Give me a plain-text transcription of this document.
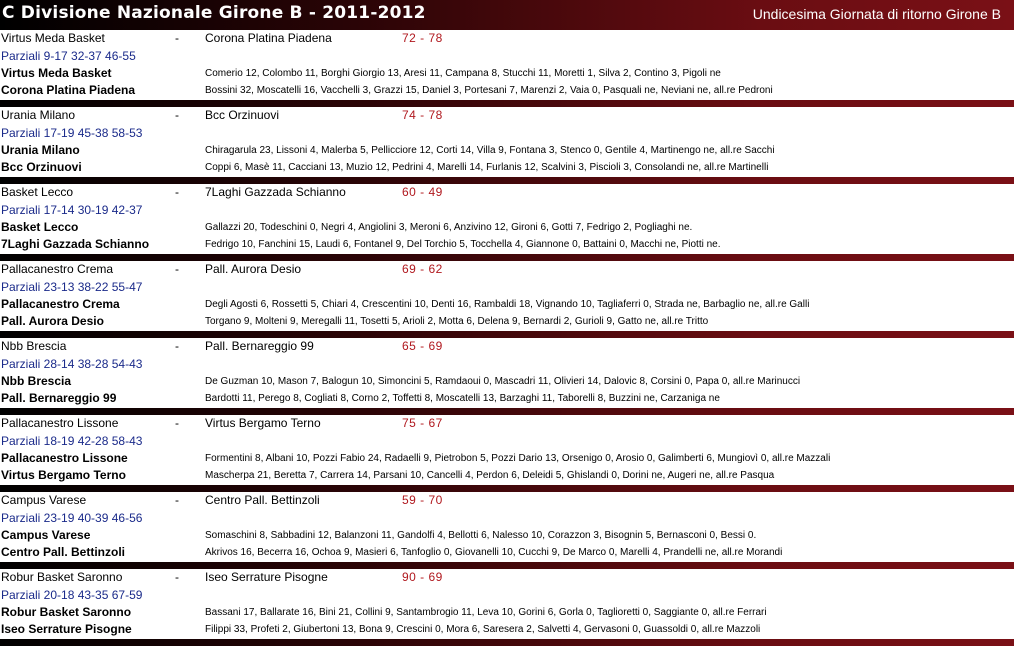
C Divisione Nazionale Girone B - 2011-2012	Undicesima Giornata di ritorno Girone B
Virtus Meda Basket	- Corona Platina Piadena	72 - 78
Parziali 9-17 32-37 46-55
Virtus Meda Basket	Comerio 12, Colombo 11, Borghi Giorgio 13, Aresi 11, Campana 8, Stucchi 11, Moretti 1, Silva 2, Contino 3, Pigoli ne
Corona Platina Piadena	Bossini 32, Moscatelli 16, Vacchelli 3, Grazzi 15, Daniel 3, Portesani 7, Marenzi 2, Vaia 0, Pasquali ne, Neviani ne, all.re Pedroni
Urania Milano	- Bcc Orzinuovi	74 - 78
Parziali 17-19 45-38 58-53
Urania Milano	Chiragarula 23, Lissoni 4, Malerba 5, Pellicciore 12, Corti 14, Villa 9, Fontana 3, Stenco 0, Gentile 4, Martinengo ne, all.re Sacchi
Bcc Orzinuovi	Coppi 6, Masè 11, Cacciani 13, Muzio 12, Pedrini 4, Marelli 14, Furlanis 12, Scalvini 3, Piscioli 3, Consolandi ne, all.re Martinelli
Basket Lecco	- 7Laghi Gazzada Schianno	60 - 49
Parziali 17-14 30-19 42-37
Basket Lecco	Gallazzi 20, Todeschini 0, Negri 4, Angiolini 3, Meroni 6, Anzivino 12, Gironi 6, Gotti 7, Fedrigo 2, Pogliaghi ne.
7Laghi Gazzada Schianno	Fedrigo 10, Fanchini 15, Laudi 6, Fontanel 9, Del Torchio 5, Tocchella 4, Giannone 0, Battaini 0, Macchi ne, Piotti ne.
Pallacanestro Crema	- Pall. Aurora Desio	69 - 62
Parziali 23-13 38-22 55-47
Pallacanestro Crema	Degli Agosti 6, Rossetti 5, Chiari 4, Crescentini 10, Denti 16, Rambaldi 18, Vignando 10, Tagliaferri 0, Strada ne, Barbaglio ne, all.re Galli
Pall. Aurora Desio	Torgano 9, Molteni 9, Meregalli 11, Tosetti 5, Arioli 2, Motta 6, Delena 9, Bernardi 2, Gurioli 9, Gatto ne, all.re Tritto
Nbb Brescia	- Pall. Bernareggio 99	65 - 69
Parziali 28-14 38-28 54-43
Nbb Brescia	De Guzman 10, Mason 7, Balogun 10, Simoncini 5, Ramdaoui 0, Mascadri 11, Olivieri 14, Dalovic 8, Corsini 0, Papa 0, all.re Marinucci
Pall. Bernareggio 99	Bardotti 11, Perego 8, Cogliati 8, Corno 2, Toffetti 8, Moscatelli 13, Barzaghi 11, Taborelli 8, Buzzini ne, Carzaniga ne
Pallacanestro Lissone	- Virtus Bergamo Terno	75 - 67
Parziali 18-19 42-28 58-43
Pallacanestro Lissone	Formentini 8, Albani 10, Pozzi Fabio 24, Radaelli 9, Pietrobon 5, Pozzi Dario 13, Orsenigo 0, Arosio 0, Galimberti 6, Mungiovì 0, all.re Mazzali
Virtus Bergamo Terno	Mascherpa 21, Beretta 7, Carrera 14, Parsani 10, Cancelli 4, Perdon 6, Deleidi 5, Ghislandi 0, Dorini ne, Augeri ne, all.re Pasqua
Campus Varese	- Centro Pall. Bettinzoli	59 - 70
Parziali 23-19 40-39 46-56
Campus Varese	Somaschini 8, Sabbadini 12, Balanzoni 11, Gandolfi 4, Bellotti 6, Nalesso 10, Corazzon 3, Bisognin 5, Bernasconi 0, Bessi 0.
Centro Pall. Bettinzoli	Akrivos 16, Becerra 16, Ochoa 9, Masieri 6, Tanfoglio 0, Giovanelli 10, Cucchi 9, De Marco 0, Marelli 4, Prandelli ne, all.re Morandi
Robur Basket Saronno	- Iseo Serrature Pisogne	90 - 69
Parziali 20-18 43-35 67-59
Robur Basket Saronno	Bassani 17, Ballarate 16, Bini 21, Collini 9, Santambrogio 11, Leva 10, Gorini 6, Gorla 0, Taglioretti 0, Saggiante 0, all.re Ferrari
Iseo Serrature Pisogne	Filippi 33, Profeti 2, Giubertoni 13, Bona 9, Crescini 0, Mora 6, Saresera 2, Salvetti 4, Gervasoni 0, Guassoldi 0, all.re Mazzoli
